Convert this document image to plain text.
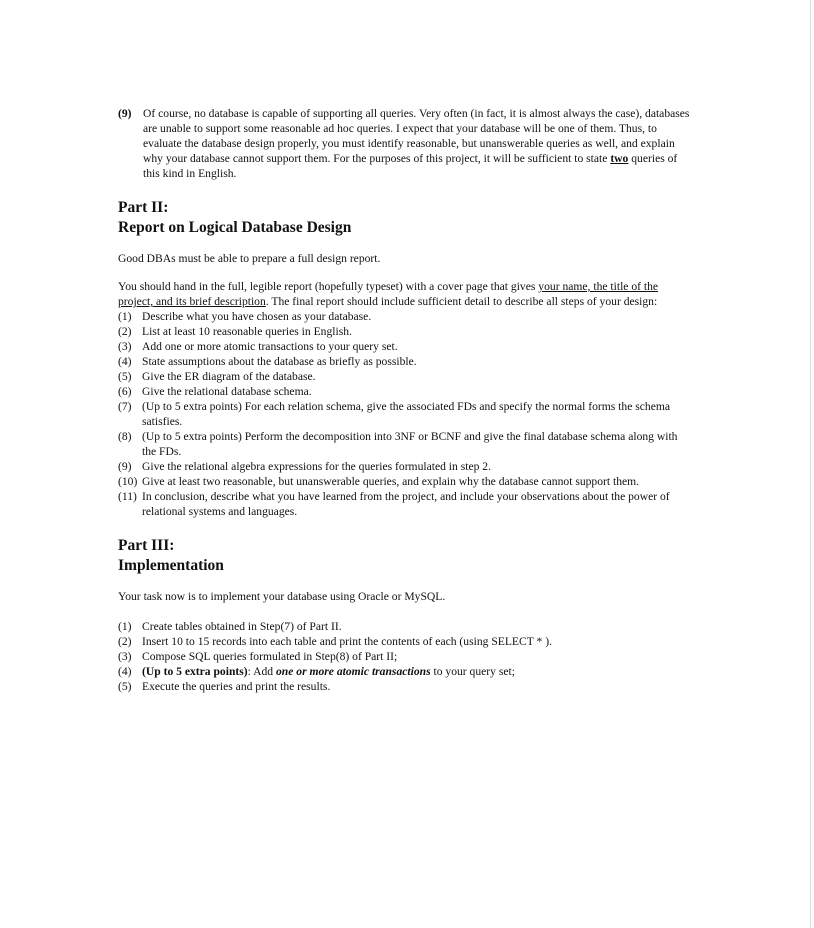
(9) Of course, no database is capable of supporting all queries. Very often (in fact, it is almost always the case), databases are unable to support some reasonable ad hoc queries. I expect that your database will be one of them. Thus, to evaluate the database design properly, you must identify reasonable, but unanswerable queries as well, and explain why your database cannot support them. For the purposes of this project, it will be sufficient to state two queries of this kind in English.

Part II:

Report on Logical Database Design

Good DBAs must be able to prepare a full design report.
You should hand in the full, legible report (hopefully typeset) with a cover page that gives your name, the title of the project, and its brief description. The final report should include sufficient detail to describe all steps of your design:
(1) Describe what you have chosen as your database.
(2) List at least 10 reasonable queries in English.
(3) Add one or more atomic transactions to your query set.
(4) State assumptions about the database as briefly as possible.
(5) Give the ER diagram of the database.
(6) Give the relational database schema.
(7) (Up to 5 extra points) For each relation schema, give the associated FDs and specify the normal forms the schema satisfies.
(8) (Up to 5 extra points) Perform the decomposition into 3NF or BCNF and give the final database schema along with the FDs.
(9) Give the relational algebra expressions for the queries formulated in step 2.
(10) Give at least two reasonable, but unanswerable queries, and explain why the database cannot support them.
(11) In conclusion, describe what you have learned from the project, and include your observations about the power of relational systems and languages.

Part III:

Implementation

Your task now is to implement your database using Oracle or MySQL.
(1) Create tables obtained in Step(7) of Part II.
(2) Insert 10 to 15 records into each table and print the contents of each (using SELECT * ).
(3) Compose SQL queries formulated in Step(8) of Part II;
(4) (Up to 5 extra points): Add one or more atomic transactions to your query set;
(5) Execute the queries and print the results.
